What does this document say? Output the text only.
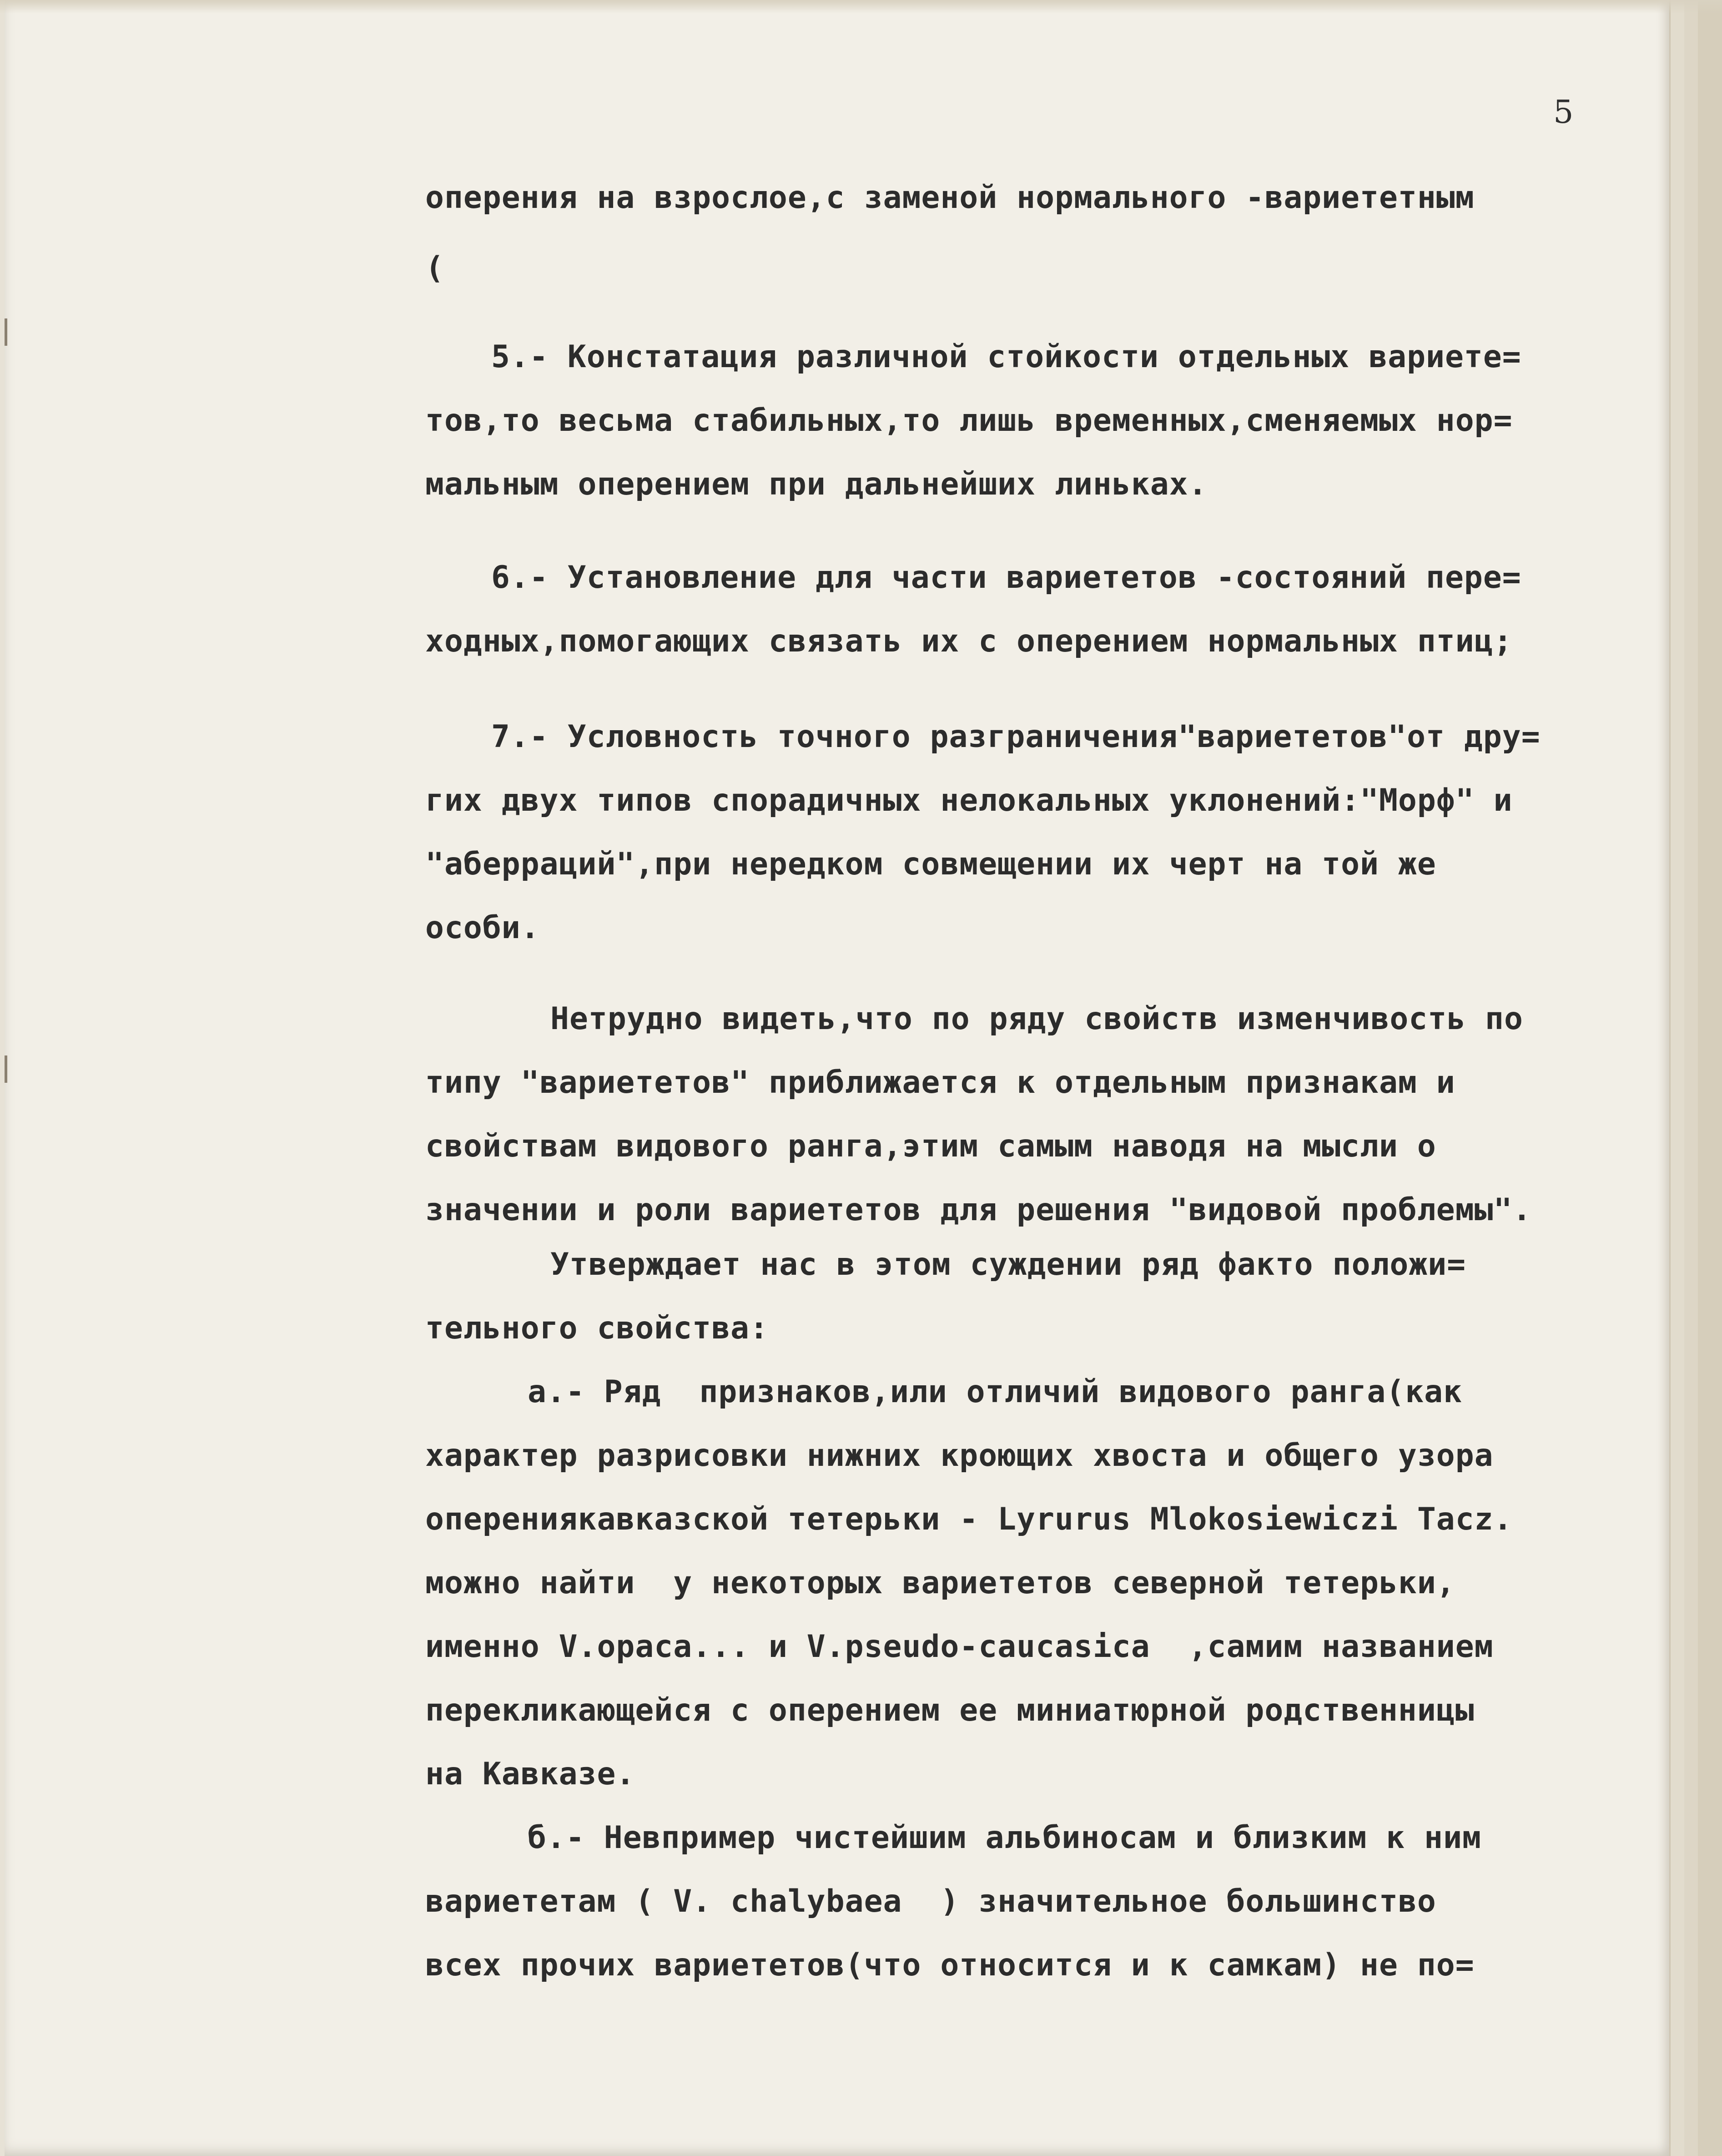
5
оперения на взрослое,с заменой нормального -вариететным
(
5.- Констатация различной стойкости отдельных вариете=
тов,то весьма стабильных,то лишь временных,сменяемых нор=
мальным оперением при дальнейших линьках.
6.- Установление для части вариететов -состояний пере=
ходных,помогающих связать их с оперением нормальных птиц;
7.- Условность точного разграничения"вариететов"от дру=
гих двух типов спорадичных нелокальных уклонений:"Морф" и
"аберраций",при нередком совмещении их черт на той же
особи.
Нетрудно видеть,что по ряду свойств изменчивость по
типу "вариететов" приближается к отдельным признакам и
свойствам видового ранга,этим самым наводя на мысли о
значении и роли вариететов для решения "видовой проблемы".
Утверждает нас в этом суждении ряд факто положи=
тельного свойства:
а.- Ряд  признаков,или отличий видового ранга(как
характер разрисовки нижних кроющих хвоста и общего узора
оперениякавказской тетерьки - Lyrurus Mlokosiewiczi Tacz.
можно найти  у некоторых вариететов северной тетерьки,
именно V.opaca... и V.pseudo-caucasica  ,самим названием
перекликающейся с оперением ее миниатюрной родственницы
на Кавказе.
б.- Невпример чистейшим альбиносам и близким к ним
вариететам ( V. chalybaea  ) значительное большинство
всех прочих вариететов(что относится и к самкам) не по=
